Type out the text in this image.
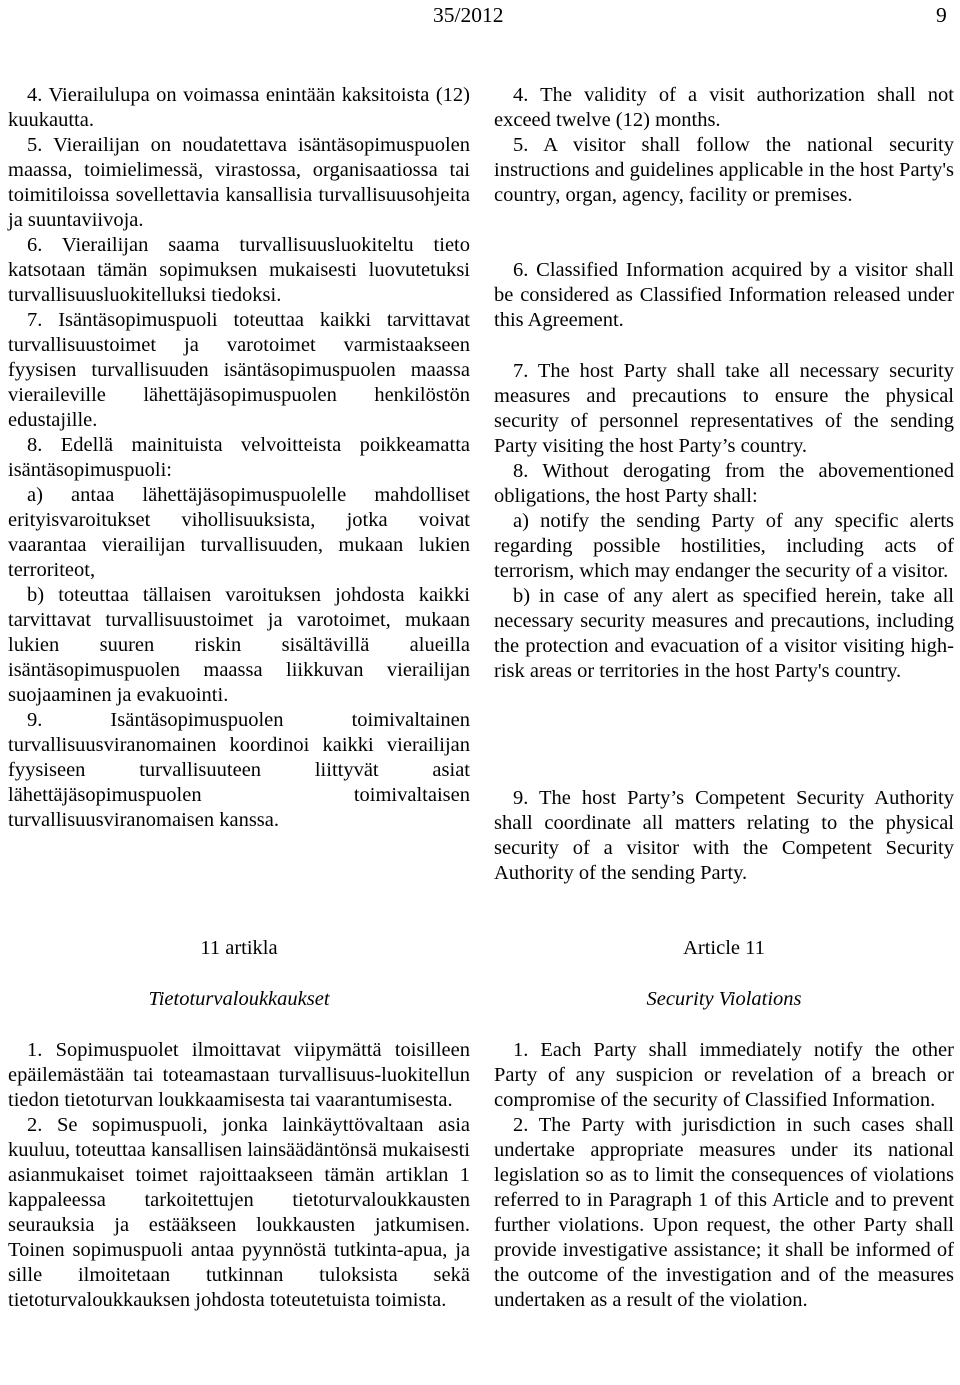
35/2012	9

4. Vierailulupa on voimassa enintään kaksitoista (12) kuukautta.

5. Vierailijan on noudatettava isäntäsopimuspuolen maassa, toimielimessä, virastossa, organisaatiossa tai toimitiloissa sovellettavia kansallisia turvallisuusohjeita ja suuntaviivoja.

6. Vierailijan saama turvallisuusluokiteltu tieto katsotaan tämän sopimuksen mukaisesti luovutetuksi turvallisuusluokitelluksi tiedoksi.

7. Isäntäsopimuspuoli toteuttaa kaikki tarvittavat turvallisuustoimet ja varotoimet varmistaakseen fyysisen turvallisuuden isäntäsopimuspuolen maassa vieraileville lähettäjäsopimuspuolen henkilöstön edustajille.

8. Edellä mainituista velvoitteista poikkeamatta isäntäsopimuspuoli:

a) antaa lähettäjäsopimuspuolelle mahdolliset erityisvaroitukset vihollisuuksista, jotka voivat vaarantaa vierailijan turvallisuuden, mukaan lukien terroriteot,

b) toteuttaa tällaisen varoituksen johdosta kaikki tarvittavat turvallisuustoimet ja varotoimet, mukaan lukien suuren riskin sisältävillä alueilla isäntäsopimuspuolen maassa liikkuvan vierailijan suojaaminen ja evakuointi.

9. Isäntäsopimuspuolen toimivaltainen turvallisuusviranomainen koordinoi kaikki vierailijan fyysiseen turvallisuuteen liittyvät asiat lähettäjäsopimuspuolen toimivaltaisen turvallisuusviranomaisen kanssa.

11 artikla

Tietoturvaloukkaukset

1. Sopimuspuolet ilmoittavat viipymättä toisilleen epäilemästään tai toteamastaan turvallisuus-luokitellun tiedon tietoturvan loukkaamisesta tai vaarantumisesta.

2. Se sopimuspuoli, jonka lainkäyttövaltaan asia kuuluu, toteuttaa kansallisen lainsäädäntönsä mukaisesti asianmukaiset toimet rajoittaakseen tämän artiklan 1 kappaleessa tarkoitettujen tietoturvaloukkausten seurauksia ja estääkseen loukkausten jatkumisen. Toinen sopimuspuoli antaa pyynnöstä tutkinta-apua, ja sille ilmoitetaan tutkinnan tuloksista sekä tietoturvaloukkauksen johdosta toteutetuista toimista.

4. The validity of a visit authorization shall not exceed twelve (12) months.

5. A visitor shall follow the national security instructions and guidelines applicable in the host Party's country, organ, agency, facility or premises.

6. Classified Information acquired by a visitor shall be considered as Classified Information released under this Agreement.

7. The host Party shall take all necessary security measures and precautions to ensure the physical security of personnel representatives of the sending Party visiting the host Party’s country.

8. Without derogating from the abovementioned obligations, the host Party shall:

a) notify the sending Party of any specific alerts regarding possible hostilities, including acts of terrorism, which may endanger the security of a visitor.

b) in case of any alert as specified herein, take all necessary security measures and precautions, including the protection and evacuation of a visitor visiting high-risk areas or territories in the host Party's country.

9. The host Party’s Competent Security Authority shall coordinate all matters relating to the physical security of a visitor with the Competent Security Authority of the sending Party.

Article 11

Security Violations

1. Each Party shall immediately notify the other Party of any suspicion or revelation of a breach or compromise of the security of Classified Information.

2. The Party with jurisdiction in such cases shall undertake appropriate measures under its national legislation so as to limit the consequences of violations referred to in Paragraph 1 of this Article and to prevent further violations. Upon request, the other Party shall provide investigative assistance; it shall be informed of the outcome of the investigation and of the measures undertaken as a result of the violation.
